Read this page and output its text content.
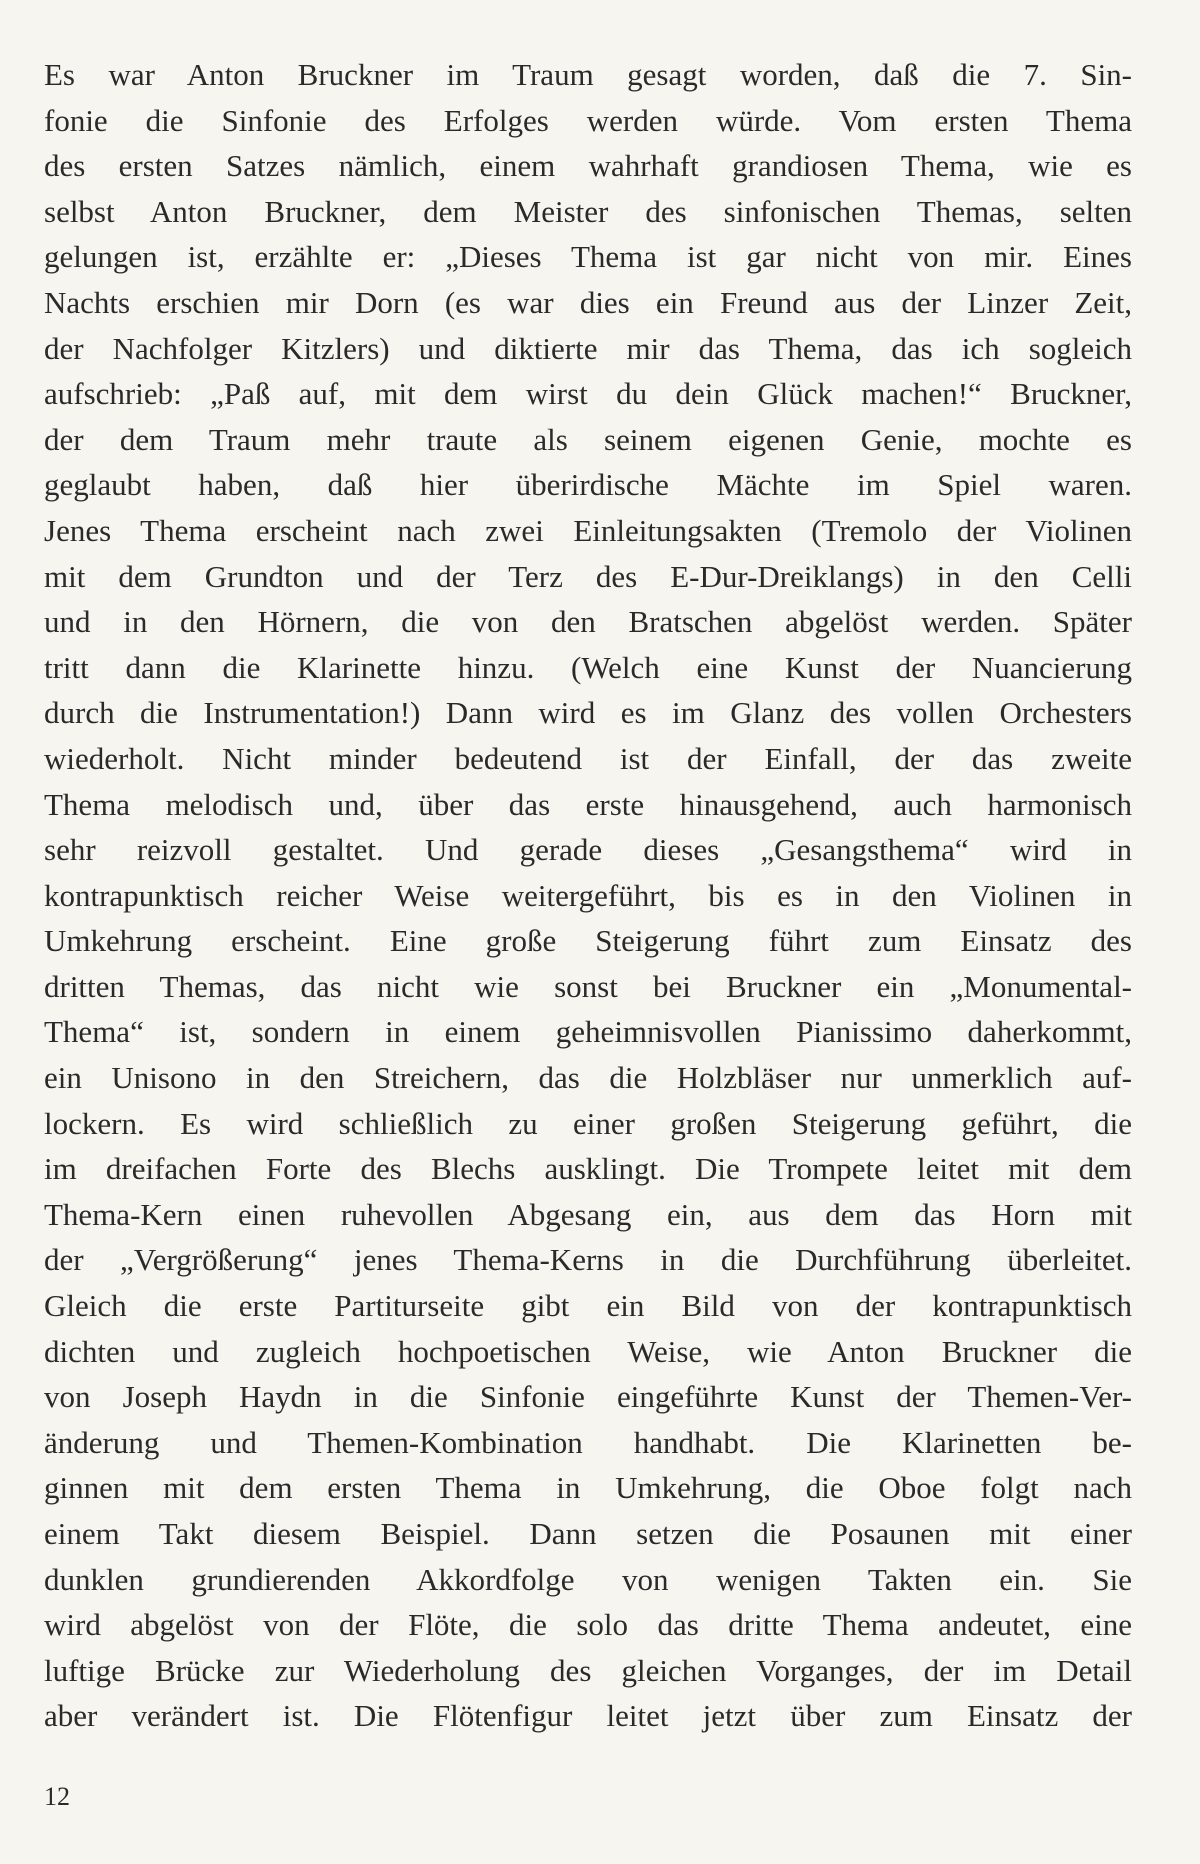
Es war Anton Bruckner im Traum gesagt worden, daß die 7. Sin-
fonie die Sinfonie des Erfolges werden würde. Vom ersten Thema
des ersten Satzes nämlich, einem wahrhaft grandiosen Thema, wie es
selbst Anton Bruckner, dem Meister des sinfonischen Themas, selten
gelungen ist, erzählte er: „Dieses Thema ist gar nicht von mir. Eines
Nachts erschien mir Dorn (es war dies ein Freund aus der Linzer Zeit,
der Nachfolger Kitzlers) und diktierte mir das Thema, das ich sogleich
aufschrieb: „Paß auf, mit dem wirst du dein Glück machen!“ Bruckner,
der dem Traum mehr traute als seinem eigenen Genie, mochte es
geglaubt haben, daß hier überirdische Mächte im Spiel waren.
Jenes Thema erscheint nach zwei Einleitungsakten (Tremolo der Violinen
mit dem Grundton und der Terz des E-Dur-Dreiklangs) in den Celli
und in den Hörnern, die von den Bratschen abgelöst werden. Später
tritt dann die Klarinette hinzu. (Welch eine Kunst der Nuancierung
durch die Instrumentation!) Dann wird es im Glanz des vollen Orchesters
wiederholt. Nicht minder bedeutend ist der Einfall, der das zweite
Thema melodisch und, über das erste hinausgehend, auch harmonisch
sehr reizvoll gestaltet. Und gerade dieses „Gesangsthema“ wird in
kontrapunktisch reicher Weise weitergeführt, bis es in den Violinen in
Umkehrung erscheint. Eine große Steigerung führt zum Einsatz des
dritten Themas, das nicht wie sonst bei Bruckner ein „Monumental-
Thema“ ist, sondern in einem geheimnisvollen Pianissimo daherkommt,
ein Unisono in den Streichern, das die Holzbläser nur unmerklich auf-
lockern. Es wird schließlich zu einer großen Steigerung geführt, die
im dreifachen Forte des Blechs ausklingt. Die Trompete leitet mit dem
Thema-Kern einen ruhevollen Abgesang ein, aus dem das Horn mit
der „Vergrößerung“ jenes Thema-Kerns in die Durchführung überleitet.
Gleich die erste Partiturseite gibt ein Bild von der kontrapunktisch
dichten und zugleich hochpoetischen Weise, wie Anton Bruckner die
von Joseph Haydn in die Sinfonie eingeführte Kunst der Themen-Ver-
änderung und Themen-Kombination handhabt. Die Klarinetten be-
ginnen mit dem ersten Thema in Umkehrung, die Oboe folgt nach
einem Takt diesem Beispiel. Dann setzen die Posaunen mit einer
dunklen grundierenden Akkordfolge von wenigen Takten ein. Sie
wird abgelöst von der Flöte, die solo das dritte Thema andeutet, eine
luftige Brücke zur Wiederholung des gleichen Vorganges, der im Detail
aber verändert ist. Die Flötenfigur leitet jetzt über zum Einsatz der
12
